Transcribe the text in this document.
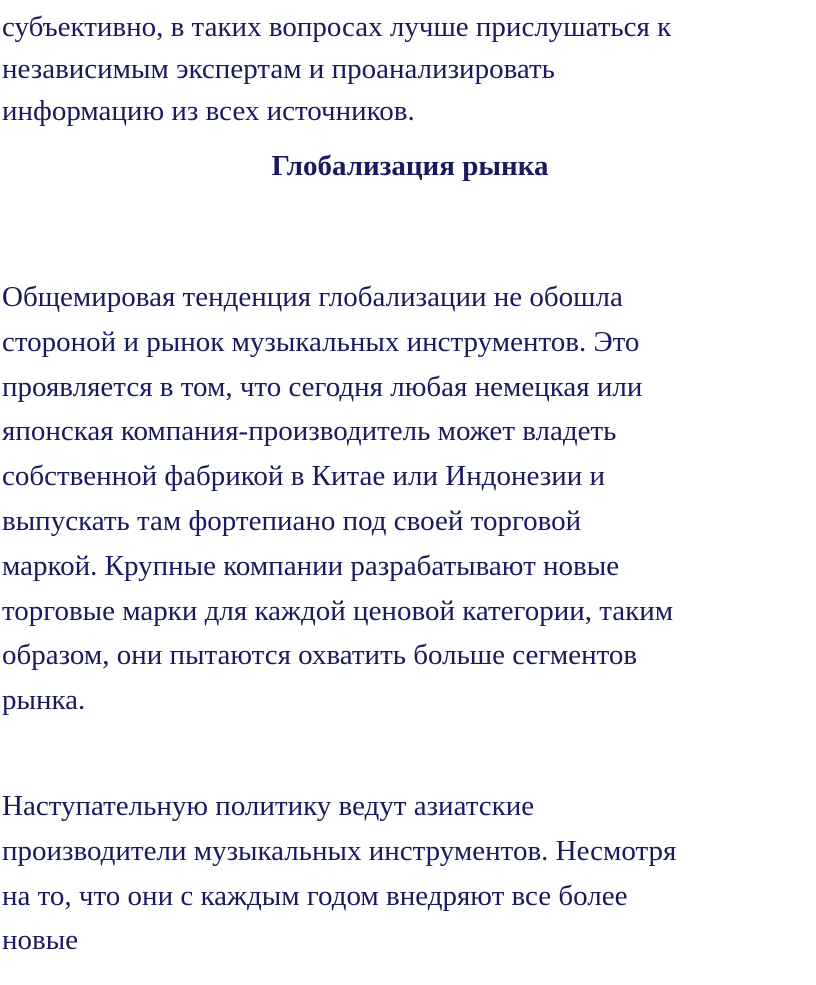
субъективно, в таких вопросах лучше прислушаться к
независимым экспертам и проанализировать
информацию из всех источников.

Глобализация рынка

Общемировая тенденция глобализации не обошла
стороной и рынок музыкальных инструментов. Это
проявляется в том, что сегодня любая немецкая или
японская компания-производитель может владеть
собственной фабрикой в Китае или Индонезии и
выпускать там фортепиано под своей торговой
маркой. Крупные компании разрабатывают новые
торговые марки для каждой ценовой категории, таким
образом, они пытаются охватить больше сегментов
рынка.

Наступательную политику ведут азиатские
производители музыкальных инструментов. Несмотря
на то, что они с каждым годом внедряют все более
новые
